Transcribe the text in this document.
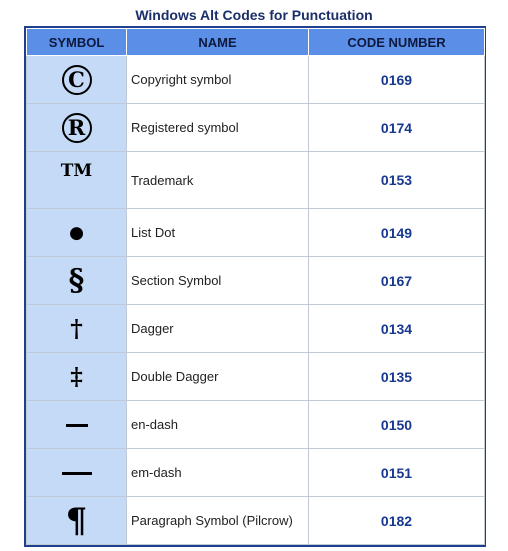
Windows Alt Codes for Punctuation
SYMBOL	NAME	CODE NUMBER
C	Copyright symbol	0169
R	Registered symbol	0174
TM	Trademark	0153
●	List Dot	0149
§	Section Symbol	0167
†	Dagger	0134
‡	Double Dagger	0135
	en-dash	0150
	em-dash	0151
¶	Paragraph Symbol (Pilcrow)	0182
